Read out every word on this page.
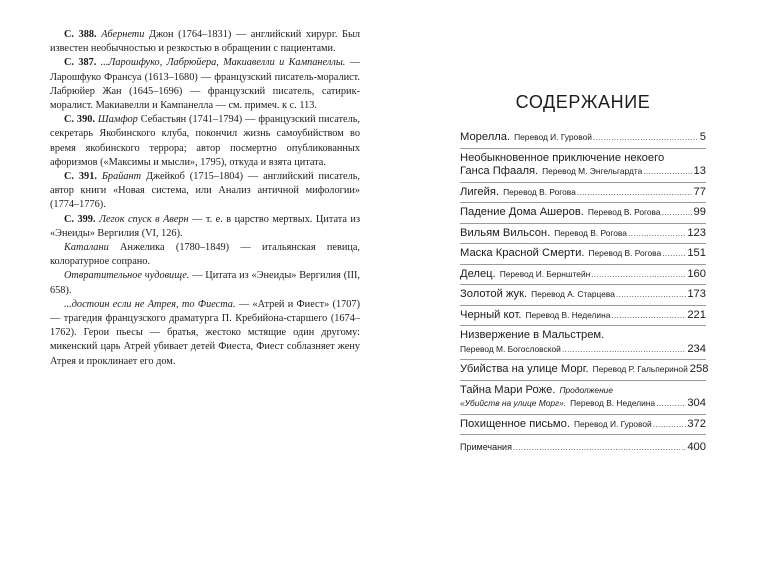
С. 388. Абернети Джон (1764–1831) — английский хирург. Был известен необычностью и резкостью в обращении с пациентами.

С. 387. ...Ларошфуко, Лабрюйера, Макиавелли и Кампанеллы. — Ларошфуко Франсуа (1613–1680) — французский писатель-моралист. Лабрюйер Жан (1645–1696) — французский писатель, сатирик-моралист. Макиавелли и Кампанелла — см. примеч. к с. 113.

С. 390. Шамфор Себастьян (1741–1794) — французский писатель, секретарь Якобинского клуба, покончил жизнь самоубийством во время якобинского террора; автор посмертно опубликованных афоризмов («Максимы и мысли», 1795), откуда и взята цитата.

С. 391. Брайант Джейкоб (1715–1804) — английский писатель, автор книги «Новая система, или Анализ античной мифологии» (1774–1776).

С. 399. Легок спуск в Аверн — т. е. в царство мертвых. Цитата из «Энеиды» Вергилия (VI, 126).

Каталани Анжелика (1780–1849) — итальянская певица, колоратурное сопрано.

Отвратительное чудовище. — Цитата из «Энеиды» Вергилия (III, 658).

...достоин если не Атрея, то Фиеста. — «Атрей и Фиест» (1707) — трагедия французского драматурга П. Кребийона-старшего (1674–1762). Герои пьесы — братья, жестоко мстящие один другому: микенский царь Атрей убивает детей Фиеста, Фиест соблазняет жену Атрея и проклинает его дом.

СОДЕРЖАНИЕ
Морелла. Перевод И. Гуровой .....	5
Необыкновенное приключение некоего
Ганса Пфааля. Перевод М. Энгельгардта .....	13
Лигейя. Перевод В. Рогова .....	77
Падение Дома Ашеров. Перевод В. Рогова .....	99
Вильям Вильсон. Перевод В. Рогова .....	123
Маска Красной Смерти. Перевод В. Рогова ..... 151
Делец. Перевод И. Бернштейн .....	160
Золотой жук. Перевод А. Старцева .....	173
Черный кот. Перевод В. Неделина .....	221
Низвержение в Мальстрем.
Перевод М. Богословской .....	234
Убийства на улице Морг. Перевод Р. Гальпериной 258
Тайна Мари Роже. Продолжение
«Убийств на улице Морг». Перевод В. Неделина .....	304
Похищенное письмо. Перевод И. Гуровой .....	372
Примечания .....	400
